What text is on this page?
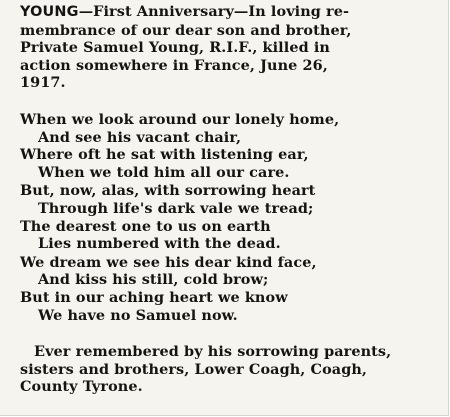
YOUNG—First Anniversary—In loving re-
membrance of our dear son and brother,
Private Samuel Young, R.I.F., killed in
action somewhere in France, June 26,
1917.
When we look around our lonely home,
And see his vacant chair,
Where oft he sat with listening ear,
When we told him all our care.
But, now, alas, with sorrowing heart
Through life's dark vale we tread;
The dearest one to us on earth
Lies numbered with the dead.
We dream we see his dear kind face,
And kiss his still, cold brow;
But in our aching heart we know
We have no Samuel now.
Ever remembered by his sorrowing parents,
sisters and brothers, Lower Coagh, Coagh,
County Tyrone.
